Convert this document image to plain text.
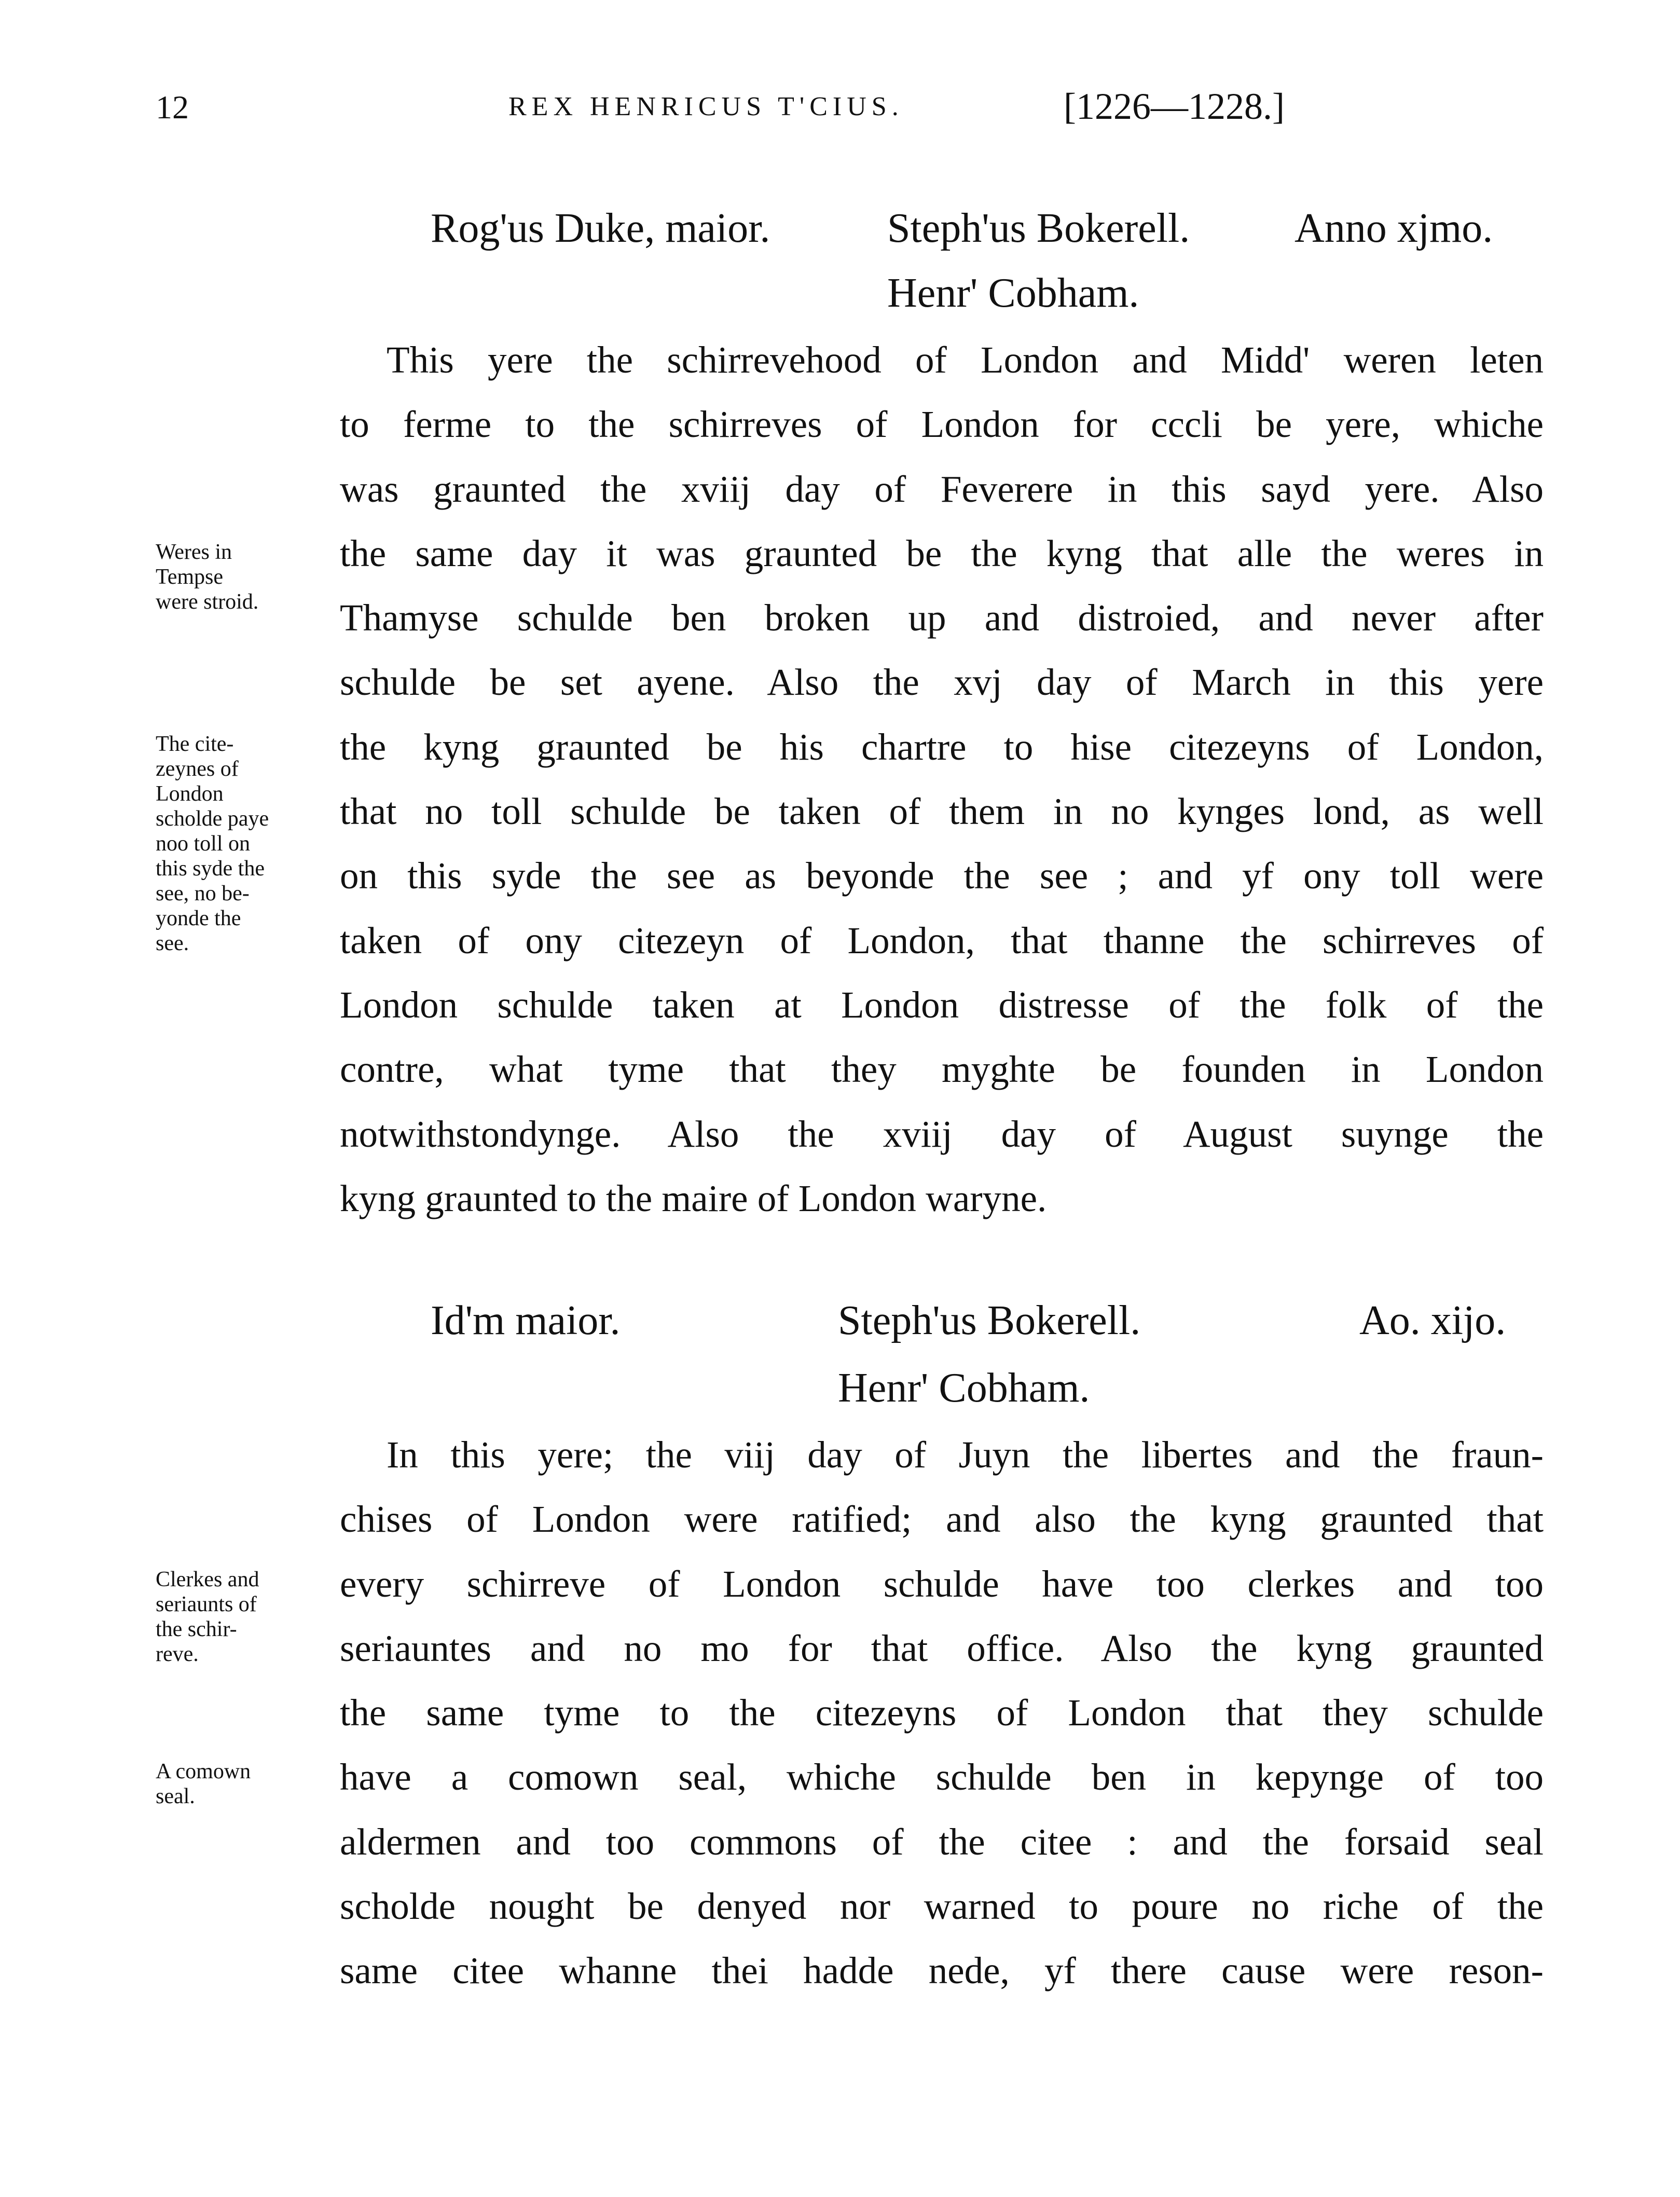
12	REX HENRICUS T'CIUS.	[1226—1228.]
Rog'us Duke, maior.	Steph'us Bokerell.	Anno xjmo.
Henr' Cobham.
This yere the schirrevehood of London and Midd' weren leten
to ferme to the schirreves of London for cccli be yere, whiche
was graunted the xviij day of Feverere in this sayd yere. Also
the same day it was graunted be the kyng that alle the weres in
Thamyse schulde ben broken up and distroied, and never after
schulde be set ayene. Also the xvj day of March in this yere
the kyng graunted be his chartre to hise citezeyns of London,
that no toll schulde be taken of them in no kynges lond, as well
on this syde the see as beyonde the see ; and yf ony toll were
taken of ony citezeyn of London, that thanne the schirreves of
London schulde taken at London distresse of the folk of the
contre, what tyme that they myghte be founden in London
notwithstondynge. Also the xviij day of August suynge the
kyng graunted to the maire of London waryne.
Weres in
Tempse
were stroid.
The cite-
zeynes of
London
scholde paye
noo toll on
this syde the
see, no be-
yonde the
see.
Id'm maior.	Steph'us Bokerell.	Ao. xijo.
Henr' Cobham.
In this yere; the viij day of Juyn the libertes and the fraun-
chises of London were ratified; and also the kyng graunted that
every schirreve of London schulde have too clerkes and too
seriauntes and no mo for that office. Also the kyng graunted
the same tyme to the citezeyns of London that they schulde
have a comown seal, whiche schulde ben in kepynge of too
aldermen and too commons of the citee : and the forsaid seal
scholde nought be denyed nor warned to poure no riche of the
same citee whanne thei hadde nede, yf there cause were reson-
Clerkes and
seriaunts of
the schir-
reve.
A comown
seal.
